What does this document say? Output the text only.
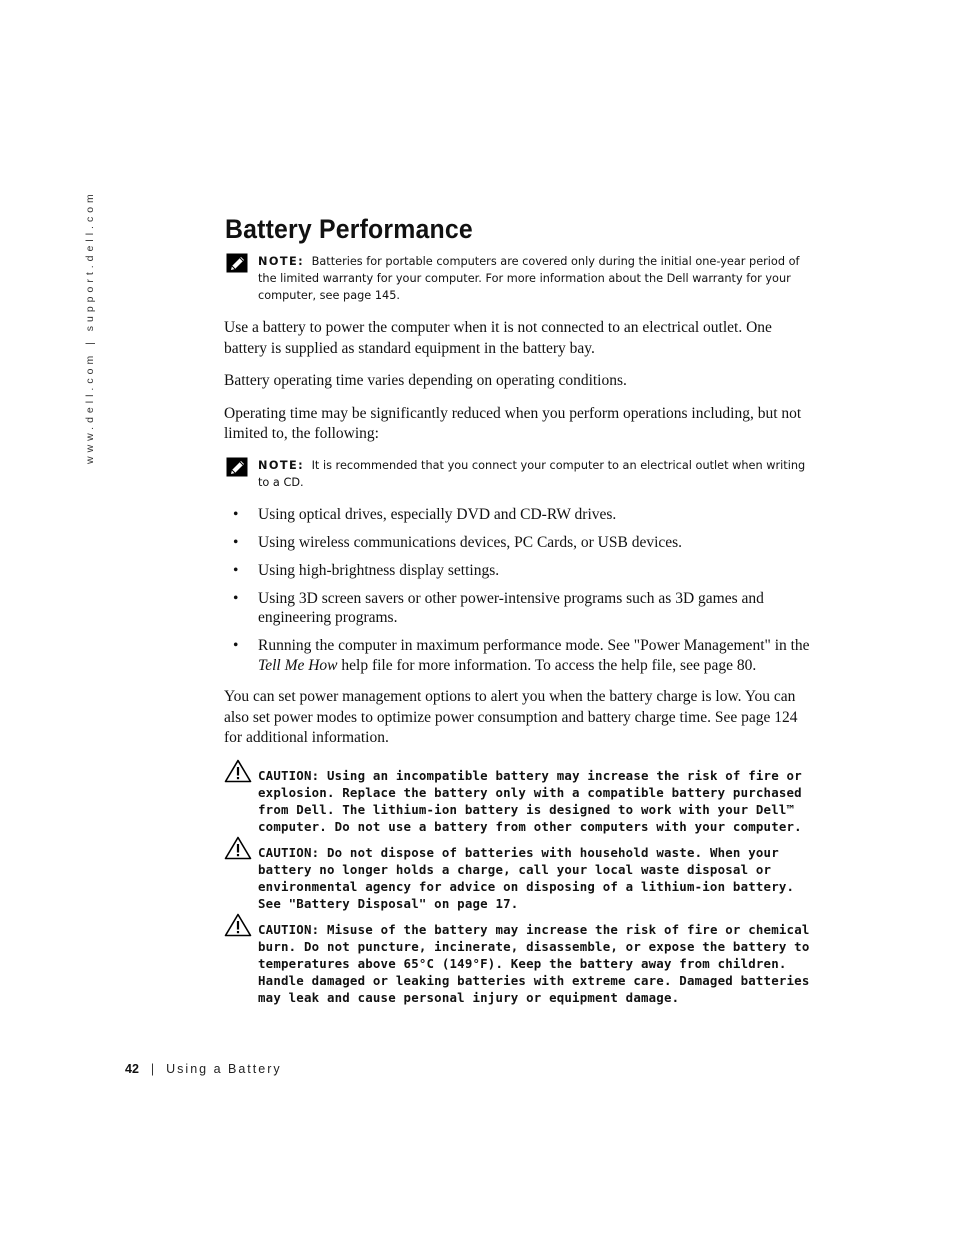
www.dell.com | support.dell.com	Battery Performance
NOTE: Batteries for portable computers are covered only during the initial one-year period of the limited warranty for your computer. For more information about the Dell warranty for your computer, see page 145.

Use a battery to power the computer when it is not connected to an electrical outlet. One battery is supplied as standard equipment in the battery bay.

Battery operating time varies depending on operating conditions.

Operating time may be significantly reduced when you perform operations including, but not limited to, the following:

NOTE: It is recommended that you connect your computer to an electrical outlet when writing to a CD.
• Using optical drives, especially DVD and CD-RW drives.
• Using wireless communications devices, PC Cards, or USB devices.
• Using high-brightness display settings.
• Using 3D screen savers or other power-intensive programs such as 3D games and engineering programs.
• Running the computer in maximum performance mode. See "Power Management" in the Tell Me How help file for more information. To access the help file, see page 80.

You can set power management options to alert you when the battery charge is low. You can also set power modes to optimize power consumption and battery charge time. See page 124 for additional information.

CAUTION: Using an incompatible battery may increase the risk of fire or explosion. Replace the battery only with a compatible battery purchased from Dell. The lithium-ion battery is designed to work with your Dell™ computer. Do not use a battery from other computers with your computer.
CAUTION: Do not dispose of batteries with household waste. When your battery no longer holds a charge, call your local waste disposal or environmental agency for advice on disposing of a lithium-ion battery. See "Battery Disposal" on page 17.
CAUTION: Misuse of the battery may increase the risk of fire or chemical burn. Do not puncture, incinerate, disassemble, or expose the battery to temperatures above 65°C (149°F). Keep the battery away from children. Handle damaged or leaking batteries with extreme care. Damaged batteries may leak and cause personal injury or equipment damage.
42 | Using a Battery
